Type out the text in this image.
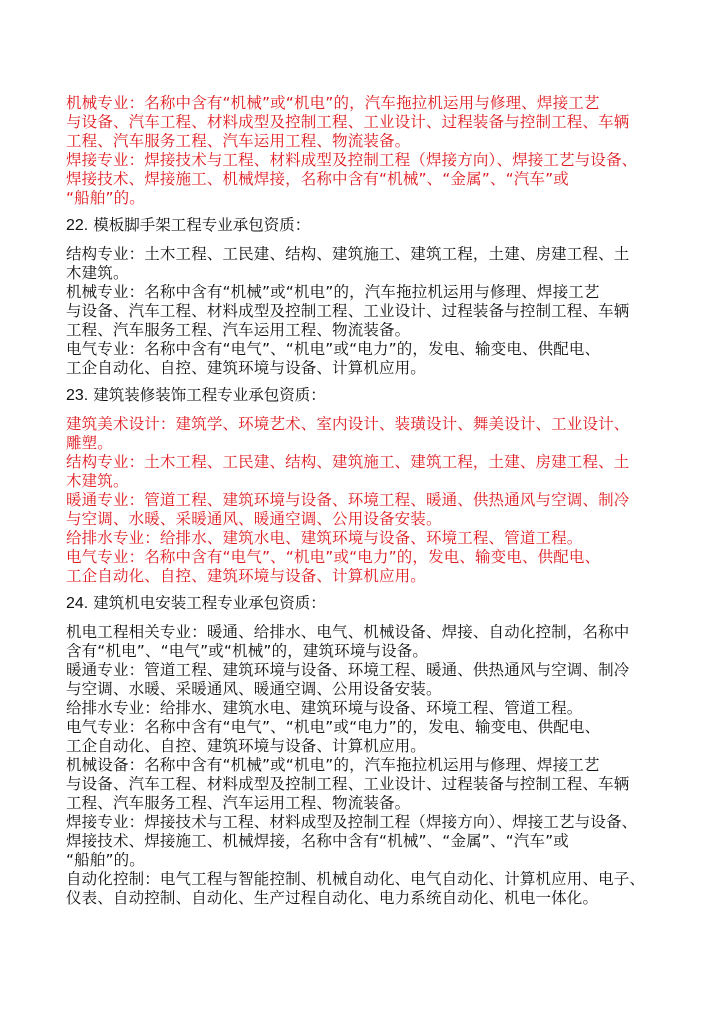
机械专业：名称中含有“机械”或“机电”的，汽车拖拉机运用与修理、焊接工艺
与设备、汽车工程、材料成型及控制工程、工业设计、过程装备与控制工程、车辆
工程、汽车服务工程、汽车运用工程、物流装备。

焊接专业：焊接技术与工程、材料成型及控制工程（焊接方向）、焊接工艺与设备、
焊接技术、焊接施工、机械焊接，名称中含有“机械”、“金属”、“汽车”或
“船舶”的。

22. 模板脚手架工程专业承包资质：

结构专业：土木工程、工民建、结构、建筑施工、建筑工程，土建、房建工程、土
木建筑。

机械专业：名称中含有“机械”或“机电”的，汽车拖拉机运用与修理、焊接工艺
与设备、汽车工程、材料成型及控制工程、工业设计、过程装备与控制工程、车辆
工程、汽车服务工程、汽车运用工程、物流装备。

电气专业：名称中含有“电气”、“机电”或“电力”的，发电、输变电、供配电、
工企自动化、自控、建筑环境与设备、计算机应用。

23. 建筑装修装饰工程专业承包资质：

建筑美术设计：建筑学、环境艺术、室内设计、装璜设计、舞美设计、工业设计、
雕塑。

结构专业：土木工程、工民建、结构、建筑施工、建筑工程，土建、房建工程、土
木建筑。

暖通专业：管道工程、建筑环境与设备、环境工程、暖通、供热通风与空调、制冷
与空调、水暖、采暖通风、暖通空调、公用设备安装。

给排水专业：给排水、建筑水电、建筑环境与设备、环境工程、管道工程。

电气专业：名称中含有“电气”、“机电”或“电力”的，发电、输变电、供配电、
工企自动化、自控、建筑环境与设备、计算机应用。

24. 建筑机电安装工程专业承包资质：

机电工程相关专业：暖通、给排水、电气、机械设备、焊接、自动化控制，名称中
含有“机电”、“电气”或“机械”的，建筑环境与设备。

暖通专业：管道工程、建筑环境与设备、环境工程、暖通、供热通风与空调、制冷
与空调、水暖、采暖通风、暖通空调、公用设备安装。

给排水专业：给排水、建筑水电、建筑环境与设备、环境工程、管道工程。

电气专业：名称中含有“电气”、“机电”或“电力”的，发电、输变电、供配电、
工企自动化、自控、建筑环境与设备、计算机应用。

机械设备：名称中含有“机械”或“机电”的，汽车拖拉机运用与修理、焊接工艺
与设备、汽车工程、材料成型及控制工程、工业设计、过程装备与控制工程、车辆
工程、汽车服务工程、汽车运用工程、物流装备。

焊接专业：焊接技术与工程、材料成型及控制工程（焊接方向）、焊接工艺与设备、
焊接技术、焊接施工、机械焊接，名称中含有“机械”、“金属”、“汽车”或
“船舶”的。

自动化控制：电气工程与智能控制、机械自动化、电气自动化、计算机应用、电子、
仪表、自动控制、自动化、生产过程自动化、电力系统自动化、机电一体化。
